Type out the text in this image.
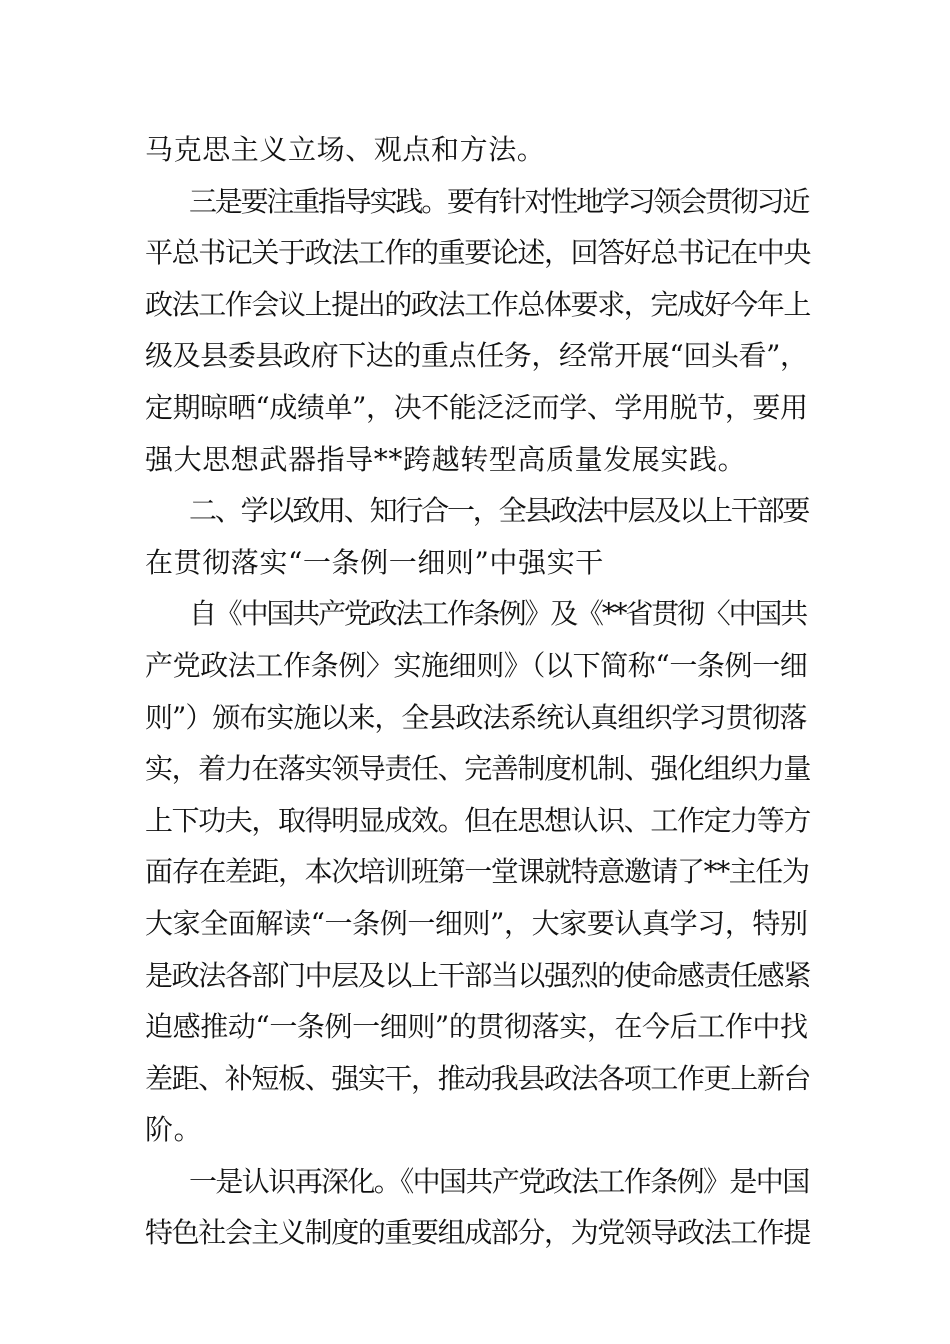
马克思主义立场、观点和方法。
三是要注重指导实践。要有针对性地学习领会贯彻习近
平总书记关于政法工作的重要论述，回答好总书记在中央
政法工作会议上提出的政法工作总体要求，完成好今年上
级及县委县政府下达的重点任务，经常开展“回头看”，
定期晾晒“成绩单”，决不能泛泛而学、学用脱节，要用
强大思想武器指导**跨越转型高质量发展实践。
二、学以致用、知行合一，全县政法中层及以上干部要
在贯彻落实“一条例一细则”中强实干
自《中国共产党政法工作条例》及《**省贯彻〈中国共
产党政法工作条例〉实施细则》（以下简称“一条例一细
则”）颁布实施以来，全县政法系统认真组织学习贯彻落
实，着力在落实领导责任、完善制度机制、强化组织力量
上下功夫，取得明显成效。但在思想认识、工作定力等方
面存在差距，本次培训班第一堂课就特意邀请了**主任为
大家全面解读“一条例一细则”，大家要认真学习，特别
是政法各部门中层及以上干部当以强烈的使命感责任感紧
迫感推动“一条例一细则”的贯彻落实，在今后工作中找
差距、补短板、强实干，推动我县政法各项工作更上新台
阶。
一是认识再深化。《中国共产党政法工作条例》是中国
特色社会主义制度的重要组成部分，为党领导政法工作提
